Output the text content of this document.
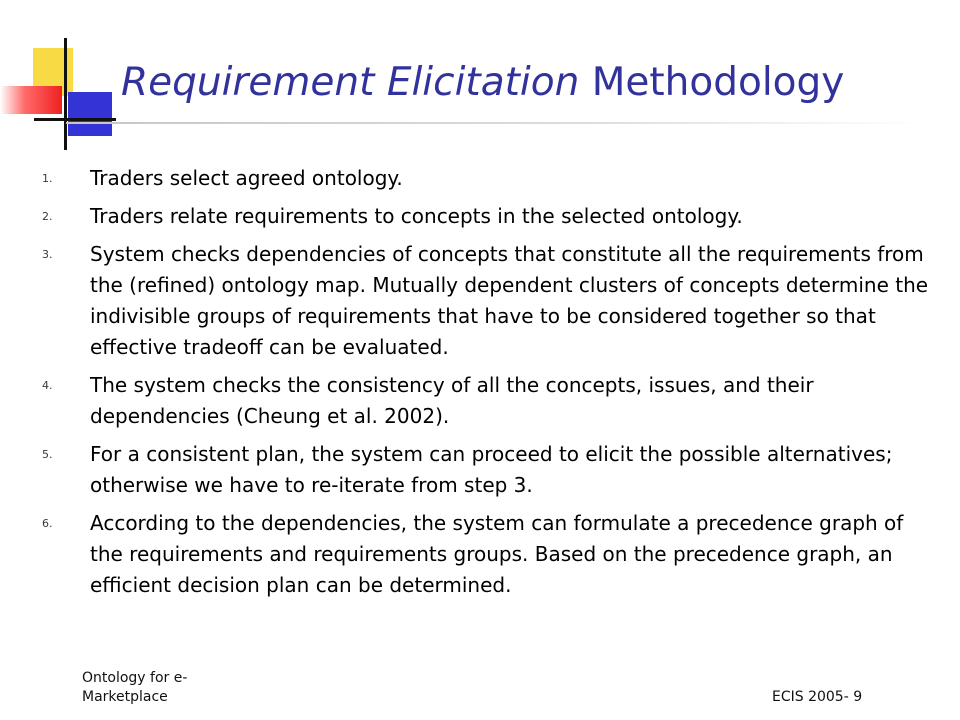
Requirement Elicitation Methodology
1.	Traders select agreed ontology.
2.	Traders relate requirements to concepts in the selected ontology.
3.	System checks dependencies of concepts that constitute all the requirements from the (refined) ontology map. Mutually dependent clusters of concepts determine the indivisible groups of requirements that have to be considered together so that effective tradeoff can be evaluated.
4.	The system checks the consistency of all the concepts, issues, and their dependencies (Cheung et al. 2002).
5.	For a consistent plan, the system can proceed to elicit the possible alternatives; otherwise we have to re-iterate from step 3.
6.	According to the dependencies, the system can formulate a precedence graph of the requirements and requirements groups. Based on the precedence graph, an efficient decision plan can be determined.
Ontology for e-Marketplace	ECIS 2005- 9
